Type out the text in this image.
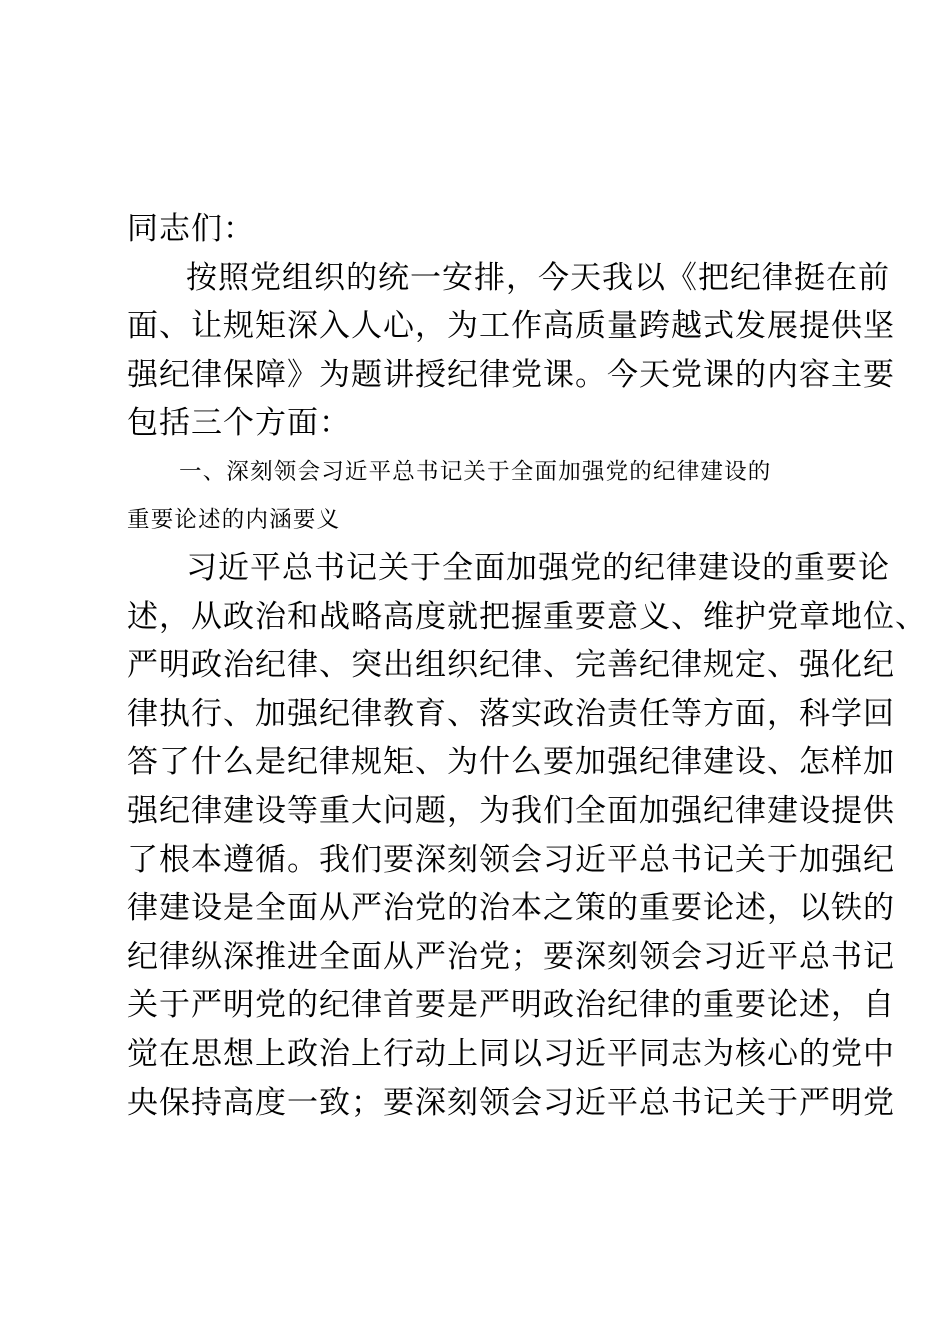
同志们：
按照党组织的统一安排，今天我以《把纪律挺在前
面、让规矩深入人心，为工作高质量跨越式发展提供坚
强纪律保障》为题讲授纪律党课。今天党课的内容主要
包括三个方面：
一、深刻领会习近平总书记关于全面加强党的纪律建设的
重要论述的内涵要义
习近平总书记关于全面加强党的纪律建设的重要论
述，从政治和战略高度就把握重要意义、维护党章地位、
严明政治纪律、突出组织纪律、完善纪律规定、强化纪
律执行、加强纪律教育、落实政治责任等方面，科学回
答了什么是纪律规矩、为什么要加强纪律建设、怎样加
强纪律建设等重大问题，为我们全面加强纪律建设提供
了根本遵循。我们要深刻领会习近平总书记关于加强纪
律建设是全面从严治党的治本之策的重要论述，以铁的
纪律纵深推进全面从严治党；要深刻领会习近平总书记
关于严明党的纪律首要是严明政治纪律的重要论述，自
觉在思想上政治上行动上同以习近平同志为核心的党中
央保持高度一致；要深刻领会习近平总书记关于严明党
